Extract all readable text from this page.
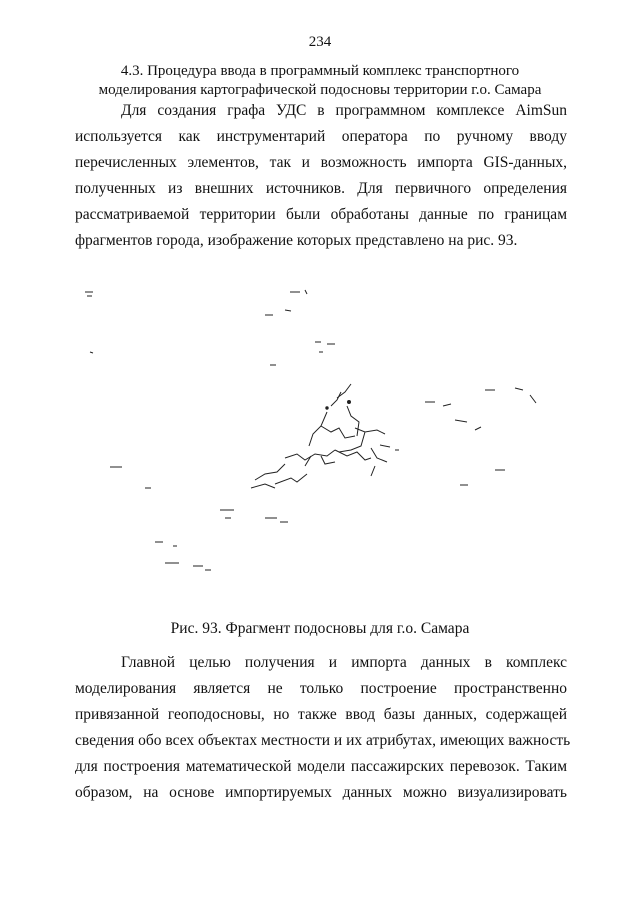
234
4.3. Процедура ввода в программный комплекс транспортного
моделирования картографической подосновы территории г.о. Самара
Для создания графа УДС в программном комплексе AimSun
используется как инструментарий оператора по ручному вводу
перечисленных элементов, так и возможность импорта GIS-данных,
полученных из внешних источников. Для первичного определения
рассматриваемой территории были обработаны данные по границам
фрагментов города, изображение которых представлено на рис. 93.
Рис. 93. Фрагмент подосновы для г.о. Самара
Главной целью получения и импорта данных в комплекс
моделирования является не только построение пространственно
привязанной геоподосновы, но также ввод базы данных, содержащей
сведения обо всех объектах местности и их атрибутах, имеющих важность
для построения математической модели пассажирских перевозок. Таким
образом, на основе импортируемых данных можно визуализировать
